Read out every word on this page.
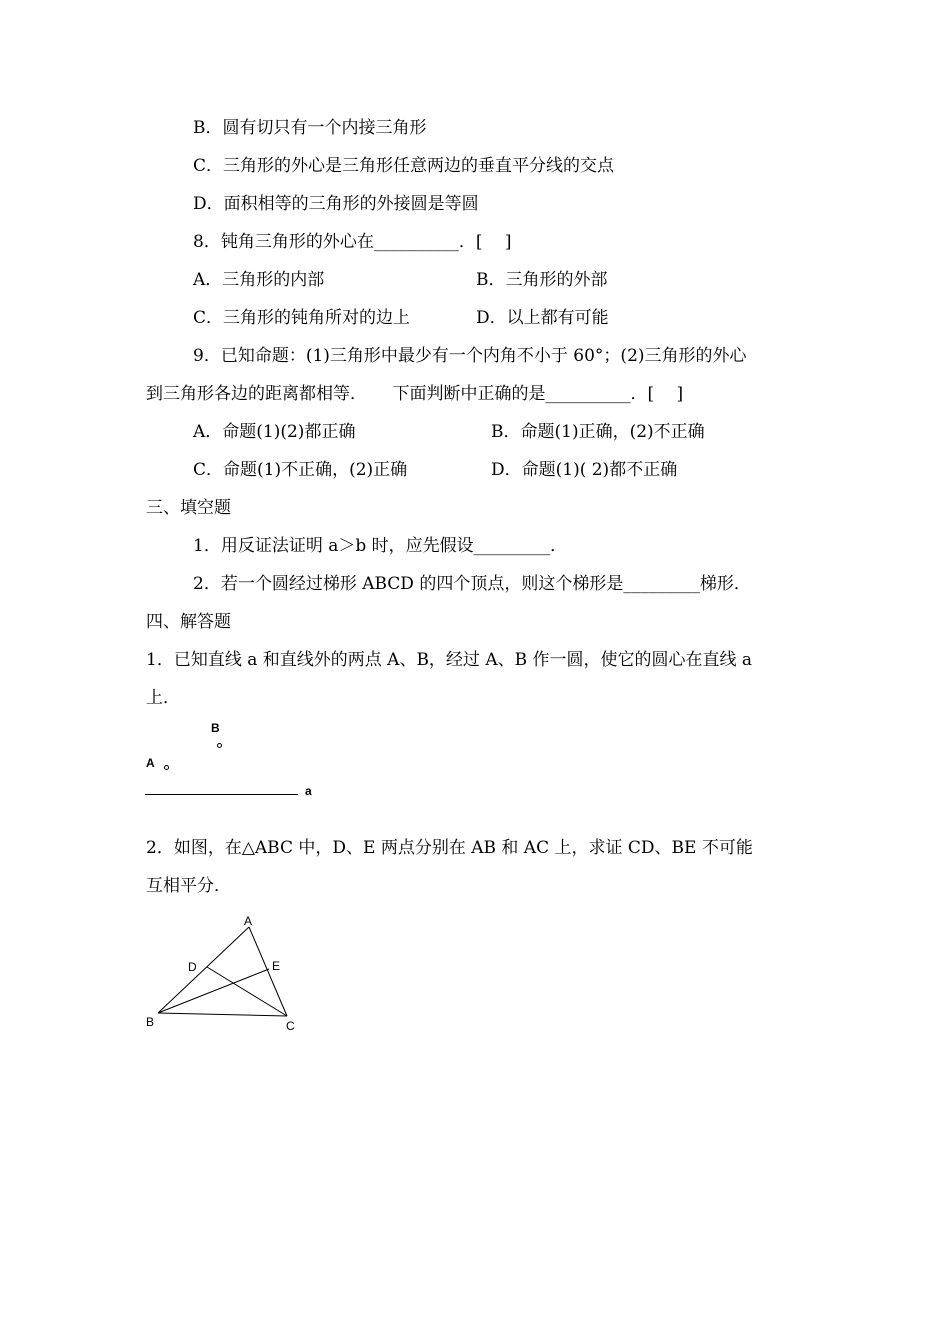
B．圆有切只有一个内接三角形
C．三角形的外心是三角形任意两边的垂直平分线的交点
D．面积相等的三角形的外接圆是等圆
8．钝角三角形的外心在__________．[　 ]
A．三角形的内部	B．三角形的外部
C．三角形的钝角所对的边上	D．以上都有可能
9．已知命题：(1)三角形中最少有一个内角不小于 60°；(2)三角形的外心
到三角形各边的距离都相等．　　下面判断中正确的是__________．[　 ]
A．命题(1)(2)都正确	B．命题(1)正确，(2)不正确
C．命题(1)不正确，(2)正确	D．命题(1)( 2)都不正确
三、填空题
1．用反证法证明 a＞b 时，应先假设_________．
2．若一个圆经过梯形 ABCD 的四个顶点，则这个梯形是_________梯形．
四、解答题
1．已知直线 a 和直线外的两点 A、B，经过 A、B 作一圆，使它的圆心在直线 a
上．
B
A
a
2．如图，在△ABC 中，D、E 两点分别在 AB 和 AC 上，求证 CD、BE 不可能
互相平分．
A
B	C
D	E
